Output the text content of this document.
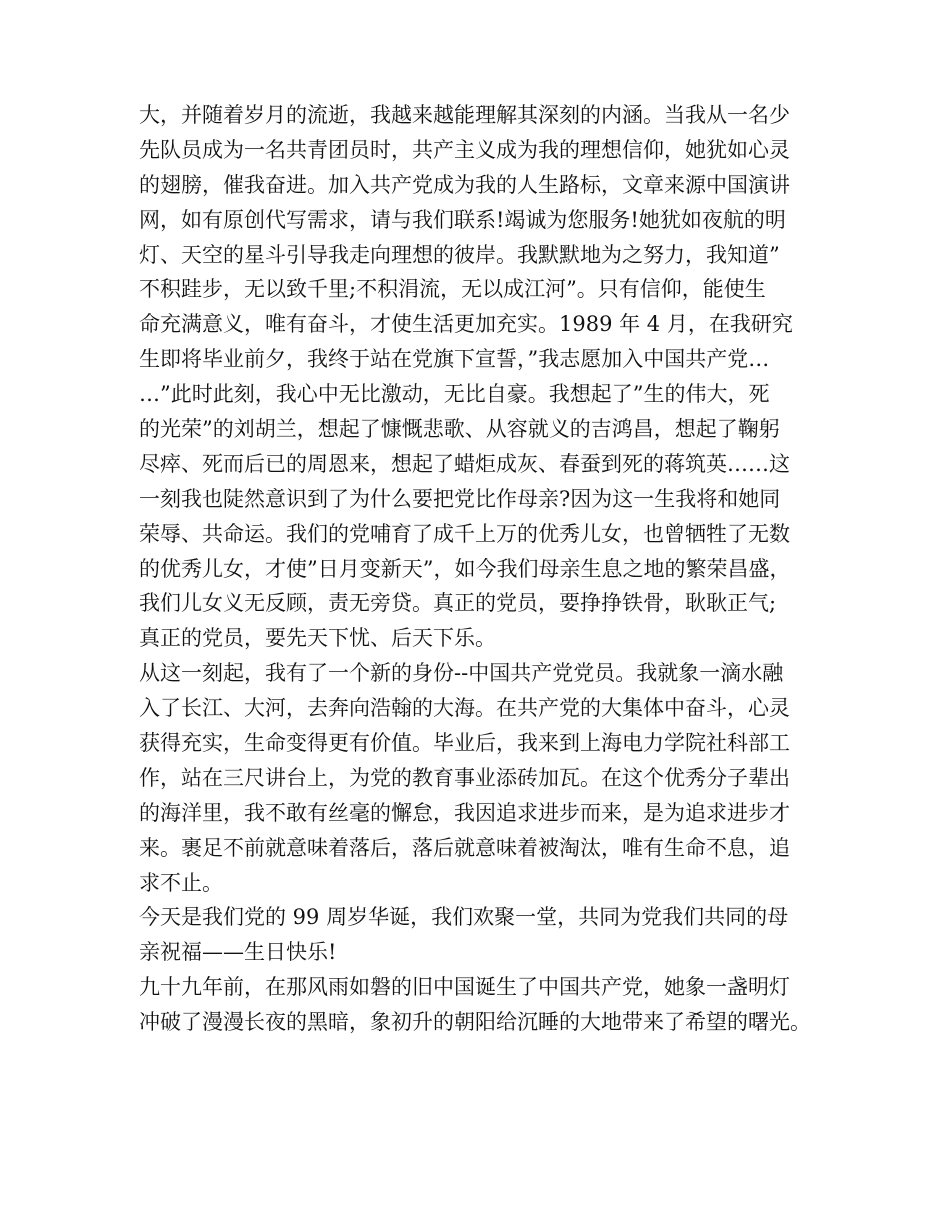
大，并随着岁月的流逝，我越来越能理解其深刻的内涵。当我从一名少
先队员成为一名共青团员时，共产主义成为我的理想信仰，她犹如心灵
的翅膀，催我奋进。加入共产党成为我的人生路标，文章来源中国演讲
网，如有原创代写需求，请与我们联系!竭诚为您服务!她犹如夜航的明
灯、天空的星斗引导我走向理想的彼岸。我默默地为之努力，我知道”
不积跬步，无以致千里;不积涓流，无以成江河”。只有信仰，能使生
命充满意义，唯有奋斗，才使生活更加充实。1989 年 4 月，在我研究
生即将毕业前夕，我终于站在党旗下宣誓，”我志愿加入中国共产党…
…”此时此刻，我心中无比激动，无比自豪。我想起了”生的伟大，死
的光荣”的刘胡兰，想起了慷慨悲歌、从容就义的吉鸿昌，想起了鞠躬
尽瘁、死而后已的周恩来，想起了蜡炬成灰、春蚕到死的蒋筑英……这
一刻我也陡然意识到了为什么要把党比作母亲?因为这一生我将和她同
荣辱、共命运。我们的党哺育了成千上万的优秀儿女，也曾牺牲了无数
的优秀儿女，才使”日月变新天”，如今我们母亲生息之地的繁荣昌盛，
我们儿女义无反顾，责无旁贷。真正的党员，要挣挣铁骨，耿耿正气;
真正的党员，要先天下忧、后天下乐。
从这一刻起，我有了一个新的身份--中国共产党党员。我就象一滴水融
入了长江、大河，去奔向浩翰的大海。在共产党的大集体中奋斗，心灵
获得充实，生命变得更有价值。毕业后，我来到上海电力学院社科部工
作，站在三尺讲台上，为党的教育事业添砖加瓦。在这个优秀分子辈出
的海洋里，我不敢有丝毫的懈怠，我因追求进步而来，是为追求进步才
来。裹足不前就意味着落后，落后就意味着被淘汰，唯有生命不息，追
求不止。
今天是我们党的 99 周岁华诞，我们欢聚一堂，共同为党我们共同的母
亲祝福——生日快乐!
九十九年前，在那风雨如磐的旧中国诞生了中国共产党，她象一盏明灯
冲破了漫漫长夜的黑暗，象初升的朝阳给沉睡的大地带来了希望的曙光。
